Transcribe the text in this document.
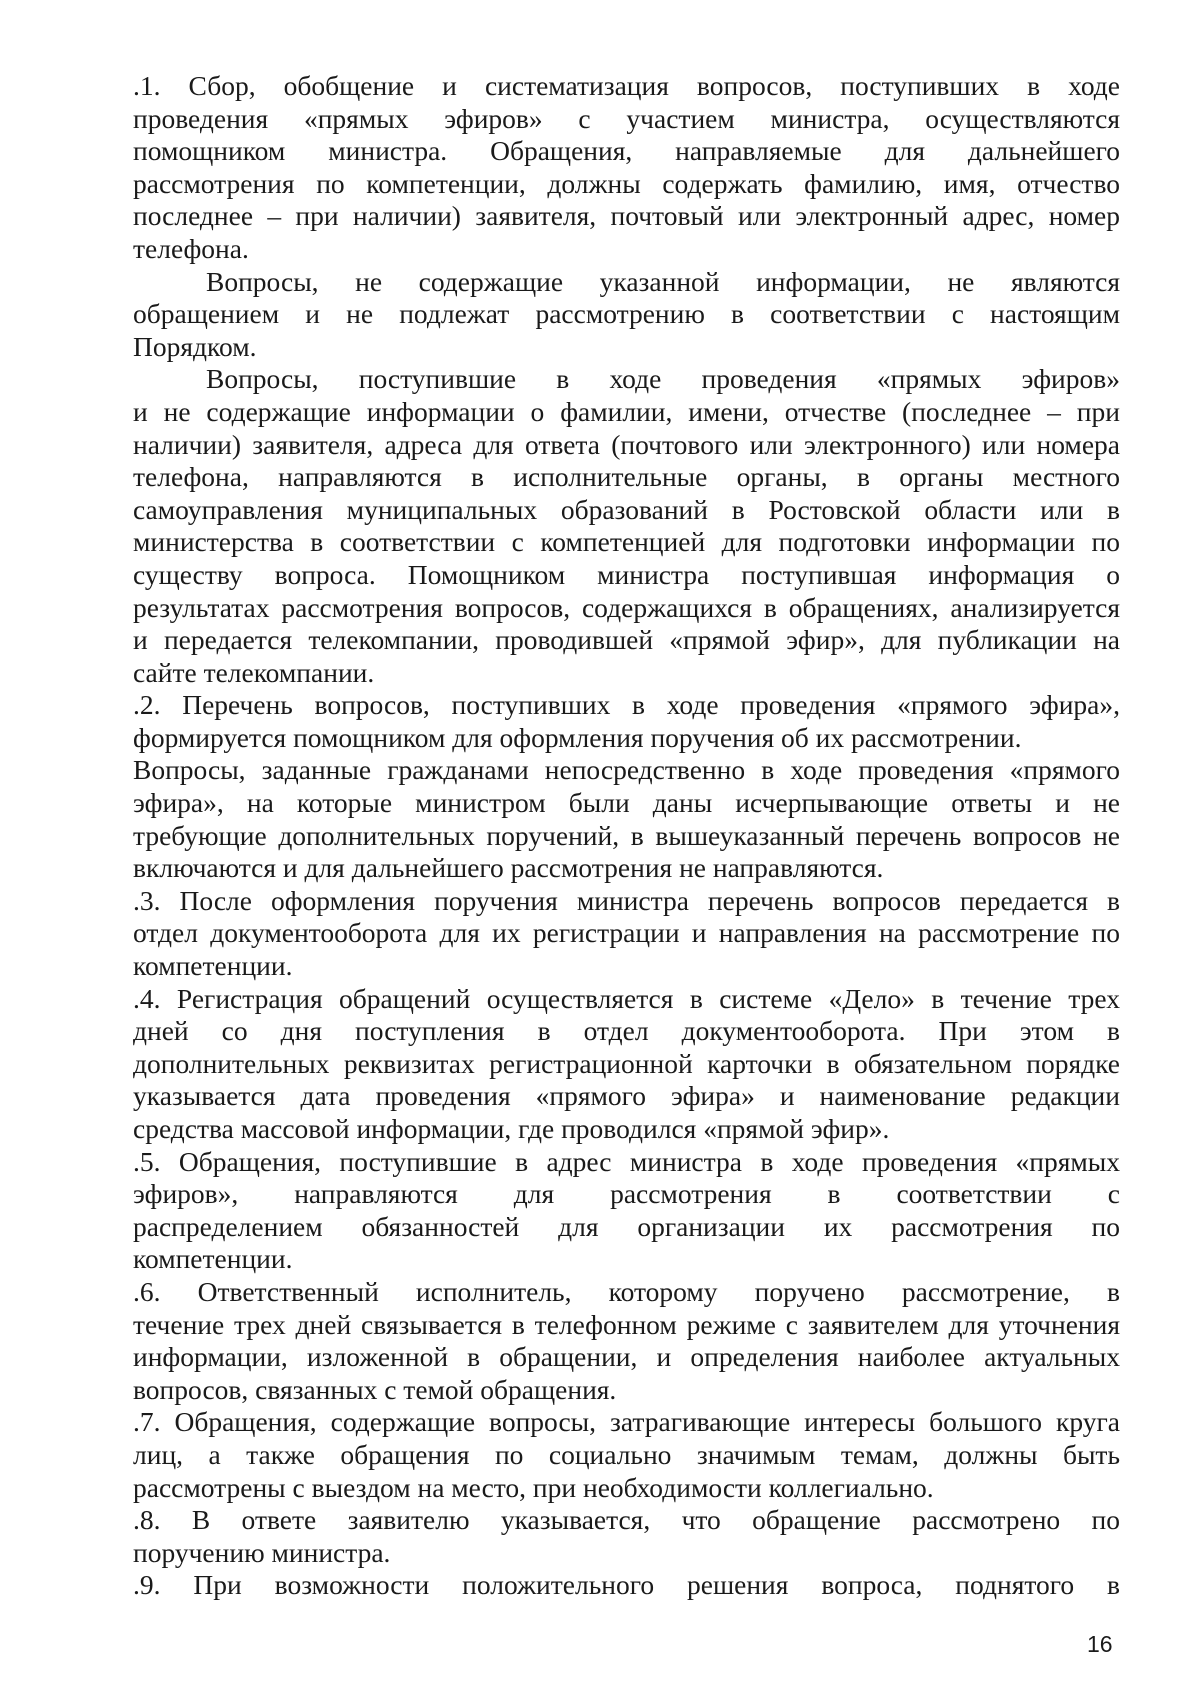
.1. Сбор, обобщение и систематизация вопросов, поступивших в ходе
проведения «прямых эфиров» с участием министра, осуществляются
помощником министра. Обращения, направляемые для дальнейшего
рассмотрения по компетенции, должны содержать фамилию, имя, отчество
последнее – при наличии) заявителя, почтовый или электронный адрес, номер
телефона.
Вопросы, не содержащие указанной информации, не являются
обращением и не подлежат рассмотрению в соответствии с настоящим
Порядком.
Вопросы, поступившие в ходе проведения «прямых эфиров»
и не содержащие информации о фамилии, имени, отчестве (последнее – при
наличии) заявителя, адреса для ответа (почтового или электронного) или номера
телефона, направляются в исполнительные органы, в органы местного
самоуправления муниципальных образований в Ростовской области или в
министерства в соответствии с компетенцией для подготовки информации по
существу вопроса. Помощником министра поступившая информация о
результатах рассмотрения вопросов, содержащихся в обращениях, анализируется
и передается телекомпании, проводившей «прямой эфир», для публикации на
сайте телекомпании.
.2. Перечень вопросов, поступивших в ходе проведения «прямого эфира»,
формируется помощником для оформления поручения об их рассмотрении.
Вопросы, заданные гражданами непосредственно в ходе проведения «прямого
эфира», на которые министром были даны исчерпывающие ответы и не
требующие дополнительных поручений, в вышеуказанный перечень вопросов не
включаются и для дальнейшего рассмотрения не направляются.
.3. После оформления поручения министра перечень вопросов передается в
отдел документооборота для их регистрации и направления на рассмотрение по
компетенции.
.4. Регистрация обращений осуществляется в системе «Дело» в течение трех
дней со дня поступления в отдел документооборота. При этом в
дополнительных реквизитах регистрационной карточки в обязательном порядке
указывается дата проведения «прямого эфира» и наименование редакции
средства массовой информации, где проводился «прямой эфир».
.5. Обращения, поступившие в адрес министра в ходе проведения «прямых
эфиров», направляются для рассмотрения в соответствии с
распределением обязанностей для организации их рассмотрения по
компетенции.
.6. Ответственный исполнитель, которому поручено рассмотрение, в
течение трех дней связывается в телефонном режиме с заявителем для уточнения
информации, изложенной в обращении, и определения наиболее актуальных
вопросов, связанных с темой обращения.
.7. Обращения, содержащие вопросы, затрагивающие интересы большого круга
лиц, а также обращения по социально значимым темам, должны быть
рассмотрены с выездом на место, при необходимости коллегиально.
.8. В ответе заявителю указывается, что обращение рассмотрено по
поручению министра.
.9. При возможности положительного решения вопроса, поднятого в
16
